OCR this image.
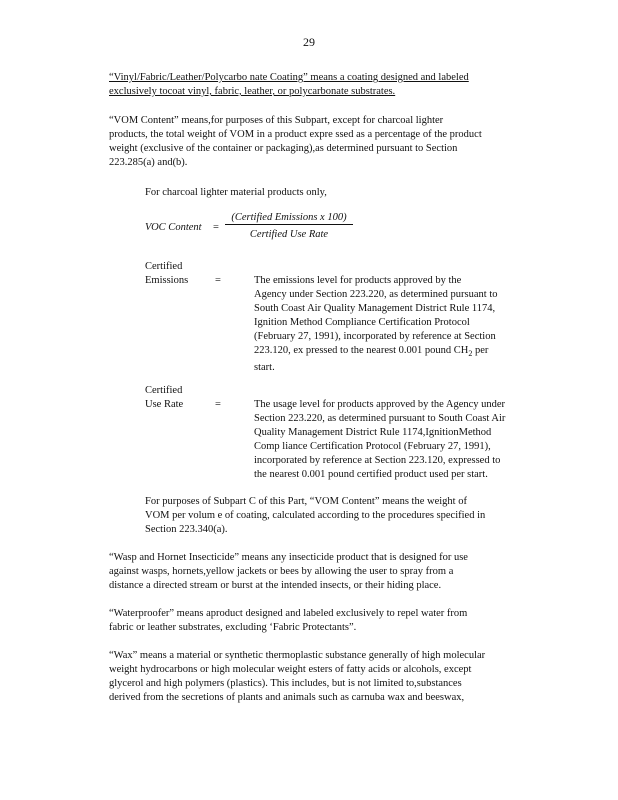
29
“Vinyl/Fabric/Leather/Polycarbo nate Coating” means a coating designed and labeled
exclusively tocoat vinyl, fabric, leather, or polycarbonate substrates.
“VOM Content” means,for purposes of this Subpart, except for charcoal lighter
products, the total weight of VOM in a product expre ssed as a percentage of the product
weight (exclusive of the container or packaging),as determined pursuant to Section
223.285(a) and(b).
For charcoal lighter material products only,
VOC Content =
(Certified Emissions x 100)
Certified Use Rate
Certified
Emissions	=	The emissions level for products approved by the
Agency under Section 223.220, as determined pursuant to
South Coast Air Quality Management District Rule 1174,
Ignition Method Compliance Certification Protocol
(February 27, 1991), incorporated by reference at Section
223.120, ex pressed to the nearest 0.001 pound $CH_2$ per
start.
Certified
Use Rate	=	The usage level for products approved by the Agency under
Section 223.220, as determined pursuant to South Coast Air
Quality Management District Rule 1174,IgnitionMethod
Comp liance Certification Protocol (February 27, 1991),
incorporated by reference at Section 223.120, expressed to
the nearest 0.001 pound certified product used per start.
For purposes of Subpart C of this Part, “VOM Content” means the weight of
VOM per volum e of coating, calculated according to the procedures specified in
Section 223.340(a).
“Wasp and Hornet Insecticide” means any insecticide product that is designed for use
against wasps, hornets,yellow jackets or bees by allowing the user to spray from a
distance a directed stream or burst at the intended insects, or their hiding place.
“Waterproofer” means aproduct designed and labeled exclusively to repel water from
fabric or leather substrates, excluding ‘Fabric Protectants”.
“Wax” means a material or synthetic thermoplastic substance generally of high molecular
weight hydrocarbons or high molecular weight esters of fatty acids or alcohols, except
glycerol and high polymers (plastics). This includes, but is not limited to,substances
derived from the secretions of plants and animals such as carnuba wax and beeswax,
